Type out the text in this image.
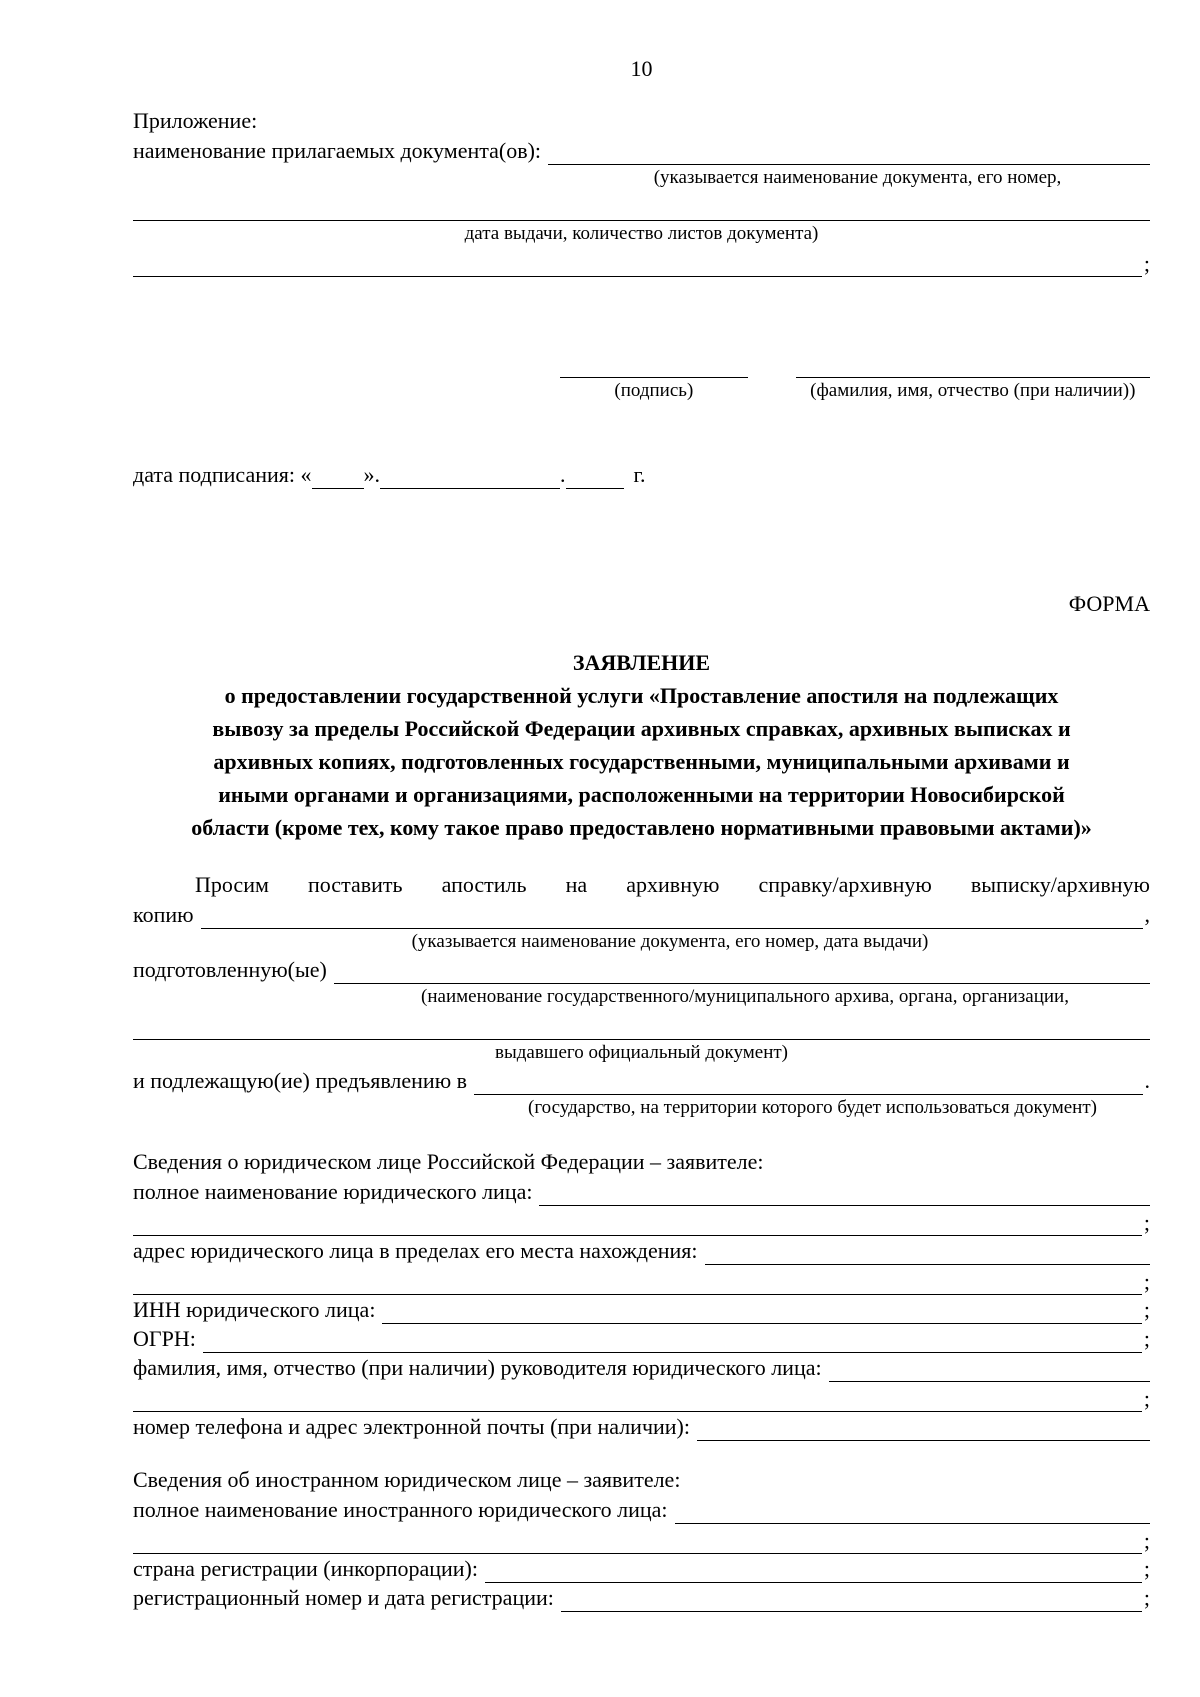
10
Приложение:
наименование прилагаемых документа(ов):
(указывается наименование документа, его номер,
дата выдачи, количество листов документа)
;
(подпись)	(фамилия, имя, отчество (при наличии))
дата подписания: « ».	.	г.
ФОРМА
ЗАЯВЛЕНИЕ
о предоставлении государственной услуги «Проставление апостиля на подлежащих
вывозу за пределы Российской Федерации архивных справках, архивных выписках и
архивных копиях, подготовленных государственными, муниципальными архивами и
иными органами и организациями, расположенными на территории Новосибирской
области (кроме тех, кому такое право предоставлено нормативными правовыми актами)»
Просим поставить апостиль на архивную справку/архивную выписку/архивную
копию	,
(указывается наименование документа, его номер, дата выдачи)
подготовленную(ые)
(наименование государственного/муниципального архива, органа, организации,
выдавшего официальный документ)
и подлежащую(ие) предъявлению в	.
(государство, на территории которого будет использоваться документ)
Сведения о юридическом лице Российской Федерации – заявителе:
полное наименование юридического лица:
;
адрес юридического лица в пределах его места нахождения:
;
ИНН юридического лица:	;
ОГРН:	;
фамилия, имя, отчество (при наличии) руководителя юридического лица:
;
номер телефона и адрес электронной почты (при наличии):
Сведения об иностранном юридическом лице – заявителе:
полное наименование иностранного юридического лица:
;
страна регистрации (инкорпорации):	;
регистрационный номер и дата регистрации:	;
